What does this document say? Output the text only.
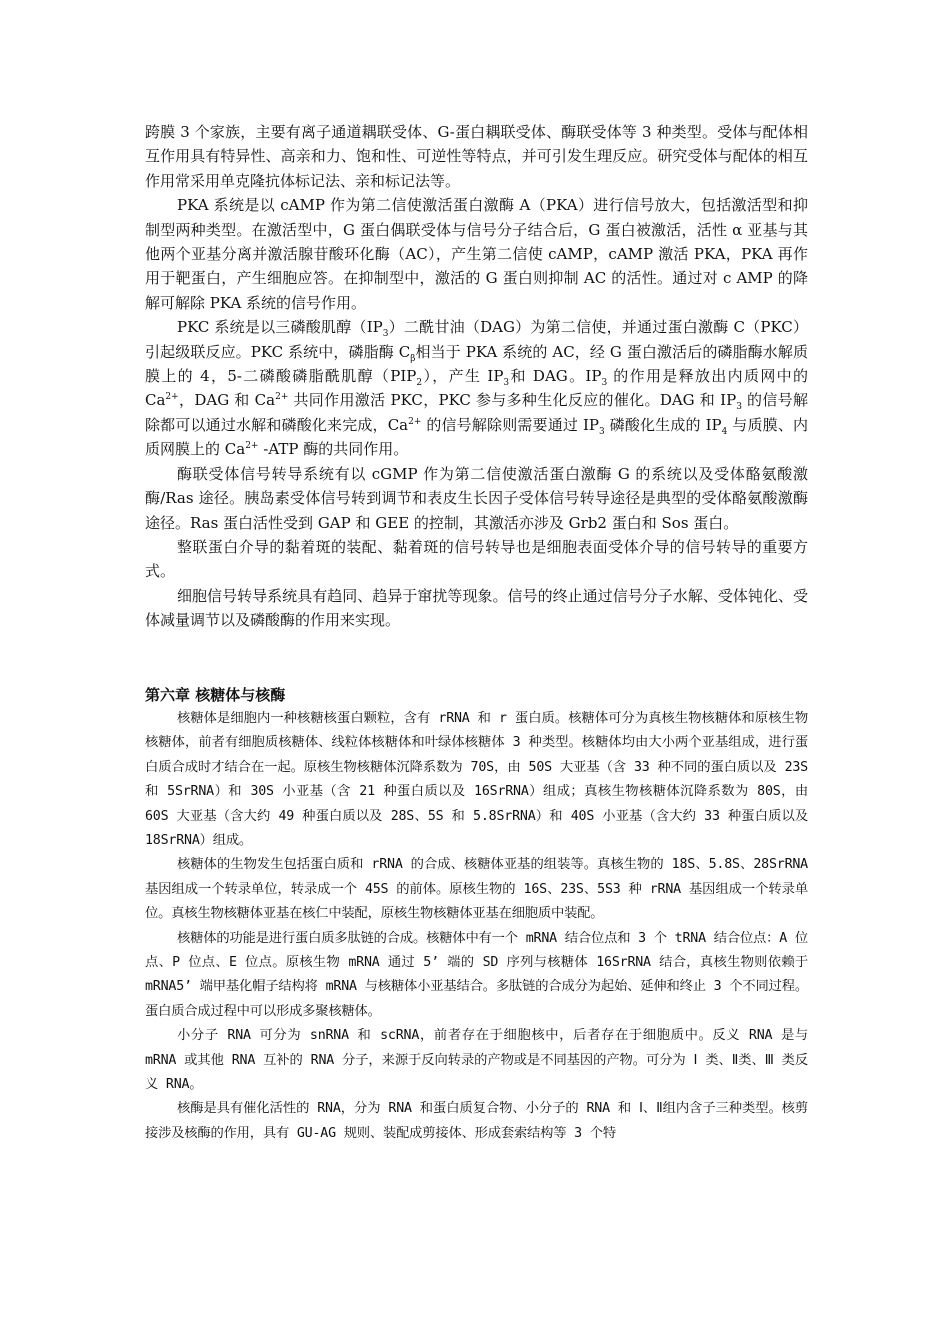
跨膜 3 个家族，主要有离子通道耦联受体、G-蛋白耦联受体、酶联受体等 3 种类型。受体与配体相互作用具有特异性、高亲和力、饱和性、可逆性等特点，并可引发生理反应。研究受体与配体的相互作用常采用单克隆抗体标记法、亲和标记法等。

PKA 系统是以 cAMP 作为第二信使激活蛋白激酶 A（PKA）进行信号放大，包括激活型和抑制型两种类型。在激活型中，G 蛋白偶联受体与信号分子结合后，G 蛋白被激活，活性 α 亚基与其他两个亚基分离并激活腺苷酸环化酶（AC），产生第二信使 cAMP，cAMP 激活 PKA，PKA 再作用于靶蛋白，产生细胞应答。在抑制型中，激活的 G 蛋白则抑制 AC 的活性。通过对 c AMP 的降解可解除 PKA 系统的信号作用。

PKC 系统是以三磷酸肌醇$(IP_3)$二酰甘油（DAG）为第二信使，并通过蛋白激酶 C（PKC）引起级联反应。PKC 系统中，磷脂酶 $C_\beta$相当于 PKA 系统的 AC，经 G 蛋白激活后的磷脂酶水解质膜上的 4，5-二磷酸磷脂酰肌醇$(PIP_2)$，产生 $IP_3$和 DAG。$IP_3$ 的作用是释放出内质网中的 $Ca^{2+}$，DAG 和 $Ca^{2+}$ 共同作用激活 PKC，PKC 参与多种生化反应的催化。DAG 和 $IP_3$ 的信号解除都可以通过水解和磷酸化来完成，$Ca^{2+}$ 的信号解除则需要通过 $IP_3$ 磷酸化生成的 $IP_4$ 与质膜、内质网膜上的 $Ca^{2+}$ -ATP 酶的共同作用。

酶联受体信号转导系统有以 cGMP 作为第二信使激活蛋白激酶 G 的系统以及受体酪氨酸激酶/Ras 途径。胰岛素受体信号转到调节和表皮生长因子受体信号转导途径是典型的受体酪氨酸激酶途径。Ras 蛋白活性受到 GAP 和 GEE 的控制，其激活亦涉及 Grb2 蛋白和 Sos 蛋白。

整联蛋白介导的黏着斑的装配、黏着斑的信号转导也是细胞表面受体介导的信号转导的重要方式。

细胞信号转导系统具有趋同、趋异于窜扰等现象。信号的终止通过信号分子水解、受体钝化、受体减量调节以及磷酸酶的作用来实现。

第六章 核糖体与核酶

核糖体是细胞内一种核糖核蛋白颗粒，含有 rRNA 和 r 蛋白质。核糖体可分为真核生物核糖体和原核生物核糖体，前者有细胞质核糖体、线粒体核糖体和叶绿体核糖体 3 种类型。核糖体均由大小两个亚基组成，进行蛋白质合成时才结合在一起。原核生物核糖体沉降系数为 70S，由 50S 大亚基（含 33 种不同的蛋白质以及 23S 和 5SrRNA）和 30S 小亚基（含 21 种蛋白质以及 16SrRNA）组成；真核生物核糖体沉降系数为 80S，由 60S 大亚基（含大约 49 种蛋白质以及 28S、5S 和 5.8SrRNA）和 40S 小亚基（含大约 33 种蛋白质以及 18SrRNA）组成。

核糖体的生物发生包括蛋白质和 rRNA 的合成、核糖体亚基的组装等。真核生物的 18S、5.8S、28SrRNA 基因组成一个转录单位，转录成一个 45S 的前体。原核生物的 16S、23S、5S3 种 rRNA 基因组成一个转录单位。真核生物核糖体亚基在核仁中装配，原核生物核糖体亚基在细胞质中装配。

核糖体的功能是进行蛋白质多肽链的合成。核糖体中有一个 mRNA 结合位点和 3 个 tRNA 结合位点：A 位点、P 位点、E 位点。原核生物 mRNA 通过 5’ 端的 SD 序列与核糖体 16SrRNA 结合，真核生物则依赖于 mRNA5’ 端甲基化帽子结构将 mRNA 与核糖体小亚基结合。多肽链的合成分为起始、延伸和终止 3 个不同过程。蛋白质合成过程中可以形成多聚核糖体。

小分子 RNA 可分为 snRNA 和 scRNA，前者存在于细胞核中，后者存在于细胞质中。反义 RNA 是与 mRNA 或其他 RNA 互补的 RNA 分子，来源于反向转录的产物或是不同基因的产物。可分为 Ⅰ 类、Ⅱ类、Ⅲ 类反义 RNA。

核酶是具有催化活性的 RNA，分为 RNA 和蛋白质复合物、小分子的 RNA 和 Ⅰ、Ⅱ组内含子三种类型。核剪接涉及核酶的作用，具有 GU-AG 规则、装配成剪接体、形成套索结构等 3 个特
